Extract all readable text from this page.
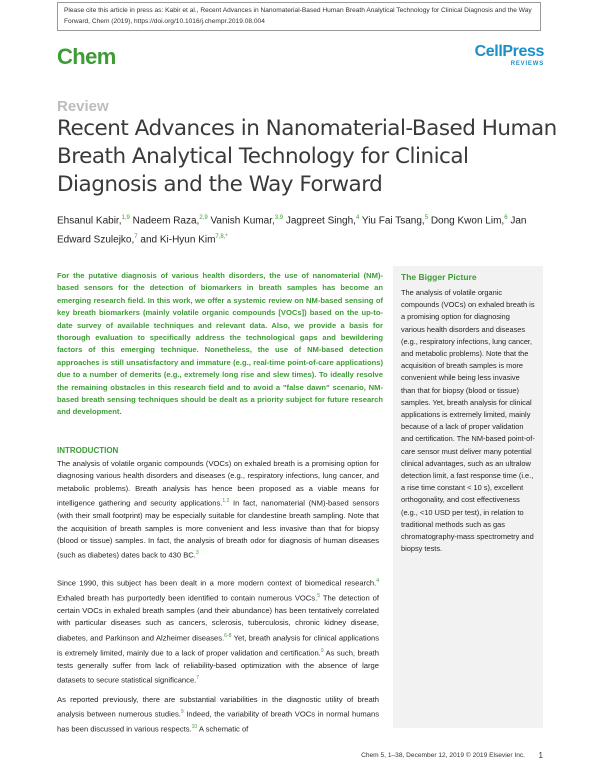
Please cite this article in press as: Kabir et al., Recent Advances in Nanomaterial-Based Human Breath Analytical Technology for Clinical Diagnosis and the Way Forward, Chem (2019), https://doi.org/10.1016/j.chempr.2019.08.004
Chem	CellPress
REVIEWS
Review
Recent Advances in Nanomaterial-Based Human Breath Analytical Technology for Clinical Diagnosis and the Way Forward

Ehsanul Kabir,$^{1,9}$ Nadeem Raza,$^{2,9}$ Vanish Kumar,$^{3,9}$ Jagpreet Singh,$^4$ Yiu Fai Tsang,$^5$ Dong Kwon Lim,$^6$ Jan Edward Szulejko,$^7$ and Ki-Hyun Kim$^{7,8,*}$

For the putative diagnosis of various health disorders, the use of nanomaterial (NM)-based sensors for the detection of biomarkers in breath samples has become an emerging research field. In this work, we offer a systemic review on NM-based sensing of key breath biomarkers (mainly volatile organic compounds [VOCs]) based on the up-to-date survey of available techniques and relevant data. Also, we provide a basis for thorough evaluation to specifically address the technological gaps and bewildering factors of this emerging technique. Nonetheless, the use of NM-based detection approaches is still unsatisfactory and immature (e.g., real-time point-of-care applications) due to a number of demerits (e.g., extremely long rise and slew times). To ideally resolve the remaining obstacles in this research field and to avoid a "false dawn" scenario, NM-based breath sensing techniques should be dealt as a priority subject for future research and development.

INTRODUCTION

The analysis of volatile organic compounds (VOCs) on exhaled breath is a promising option for diagnosing various health disorders and diseases (e.g., respiratory infections, lung cancer, and metabolic problems). Breath analysis has hence been proposed as a viable means for intelligence gathering and security applications.$^{1,2}$ In fact, nanomaterial (NM)-based sensors (with their small footprint) may be especially suitable for clandestine breath sampling. Note that the acquisition of breath samples is more convenient and less invasive than that for biopsy (blood or tissue) samples. In fact, the analysis of breath odor for diagnosis of human diseases (such as diabetes) dates back to 430 BC.$^3$

Since 1990, this subject has been dealt in a more modern context of biomedical research.$^4$ Exhaled breath has purportedly been identified to contain numerous VOCs.$^5$ The detection of certain VOCs in exhaled breath samples (and their abundance) has been tentatively correlated with particular diseases such as cancers, sclerosis, tuberculosis, chronic kidney disease, diabetes, and Parkinson and Alzheimer diseases.$^{6-8}$ Yet, breath analysis for clinical applications is extremely limited, mainly due to a lack of proper validation and certification.$^9$ As such, breath tests generally suffer from lack of reliability-based optimization with the absence of large datasets to secure statistical significance.$^7$

As reported previously, there are substantial variabilities in the diagnostic utility of breath analysis between numerous studies.$^9$ Indeed, the variability of breath VOCs in normal humans has been discussed in various respects.$^{10}$ A schematic of

The Bigger Picture

The analysis of volatile organic compounds (VOCs) on exhaled breath is a promising option for diagnosing various health disorders and diseases (e.g., respiratory infections, lung cancer, and metabolic problems). Note that the acquisition of breath samples is more convenient while being less invasive than that for biopsy (blood or tissue) samples. Yet, breath analysis for clinical applications is extremely limited, mainly because of a lack of proper validation and certification. The NM-based point-of-care sensor must deliver many potential clinical advantages, such as an ultralow detection limit, a fast response time (i.e., a rise time constant < 10 s), excellent orthogonality, and cost effectiveness (e.g., <10 USD per test), in relation to traditional methods such as gas chromatography-mass spectrometry and biopsy tests.

Chem 5, 1–38, December 12, 2019 © 2019 Elsevier Inc. 1
